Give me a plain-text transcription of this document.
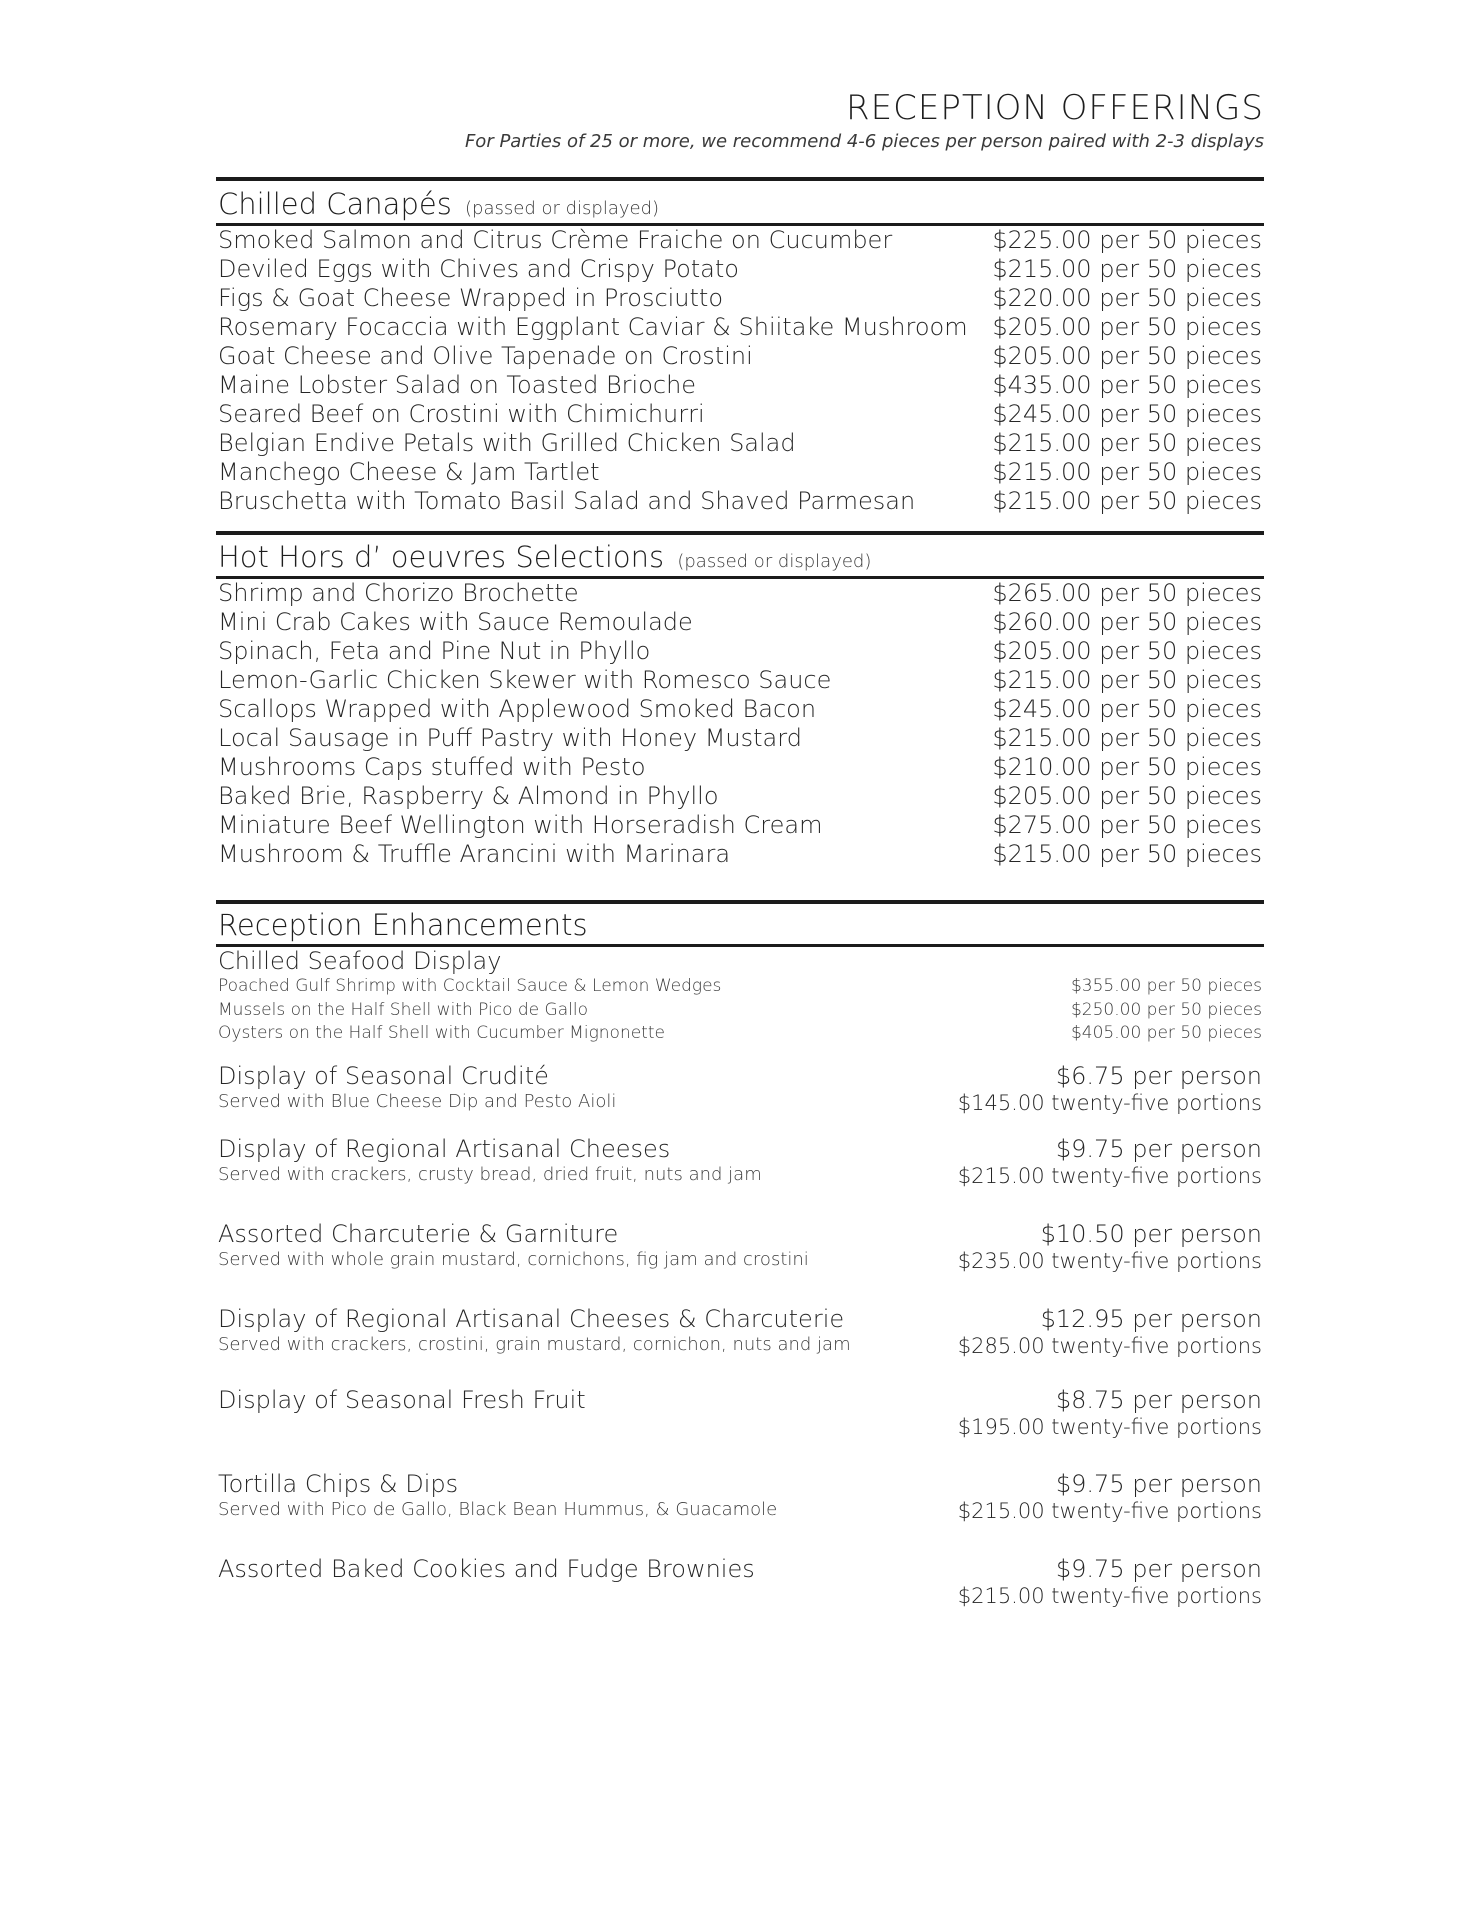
RECEPTION OFFERINGS
For Parties of 25 or more, we recommend 4-6 pieces per person paired with 2-3 displays
Chilled Canapés (passed or displayed)
Smoked Salmon and Citrus Crème Fraiche on Cucumber	$225.00 per 50 pieces
Deviled Eggs with Chives and Crispy Potato	$215.00 per 50 pieces
Figs & Goat Cheese Wrapped in Prosciutto	$220.00 per 50 pieces
Rosemary Focaccia with Eggplant Caviar & Shiitake Mushroom $205.00 per 50 pieces
Goat Cheese and Olive Tapenade on Crostini	$205.00 per 50 pieces
Maine Lobster Salad on Toasted Brioche	$435.00 per 50 pieces
Seared Beef on Crostini with Chimichurri	$245.00 per 50 pieces
Belgian Endive Petals with Grilled Chicken Salad	$215.00 per 50 pieces
Manchego Cheese & Jam Tartlet	$215.00 per 50 pieces
Bruschetta with Tomato Basil Salad and Shaved Parmesan	$215.00 per 50 pieces
Hot Hors d’ oeuvres Selections (passed or displayed)
Shrimp and Chorizo Brochette	$265.00 per 50 pieces
Mini Crab Cakes with Sauce Remoulade	$260.00 per 50 pieces
Spinach, Feta and Pine Nut in Phyllo	$205.00 per 50 pieces
Lemon-Garlic Chicken Skewer with Romesco Sauce	$215.00 per 50 pieces
Scallops Wrapped with Applewood Smoked Bacon	$245.00 per 50 pieces
Local Sausage in Puff Pastry with Honey Mustard	$215.00 per 50 pieces
Mushrooms Caps stuffed with Pesto	$210.00 per 50 pieces
Baked Brie, Raspberry & Almond in Phyllo	$205.00 per 50 pieces
Miniature Beef Wellington with Horseradish Cream	$275.00 per 50 pieces
Mushroom & Truffle Arancini with Marinara	$215.00 per 50 pieces
Reception Enhancements
Chilled Seafood Display
Poached Gulf Shrimp with Cocktail Sauce & Lemon Wedges	$355.00 per 50 pieces
Mussels on the Half Shell with Pico de Gallo	$250.00 per 50 pieces
Oysters on the Half Shell with Cucumber Mignonette	$405.00 per 50 pieces
Display of Seasonal Crudité	$6.75 per person
Served with Blue Cheese Dip and Pesto Aioli	$145.00 twenty-five portions
Display of Regional Artisanal Cheeses	$9.75 per person
Served with crackers, crusty bread, dried fruit, nuts and jam	$215.00 twenty-five portions
Assorted Charcuterie & Garniture	$10.50 per person
Served with whole grain mustard, cornichons, fig jam and crostini	$235.00 twenty-five portions
Display of Regional Artisanal Cheeses & Charcuterie	$12.95 per person
Served with crackers, crostini, grain mustard, cornichon, nuts and jam	$285.00 twenty-five portions
Display of Seasonal Fresh Fruit	$8.75 per person
$195.00 twenty-five portions
Tortilla Chips & Dips	$9.75 per person
Served with Pico de Gallo, Black Bean Hummus, & Guacamole	$215.00 twenty-five portions
Assorted Baked Cookies and Fudge Brownies	$9.75 per person
$215.00 twenty-five portions
